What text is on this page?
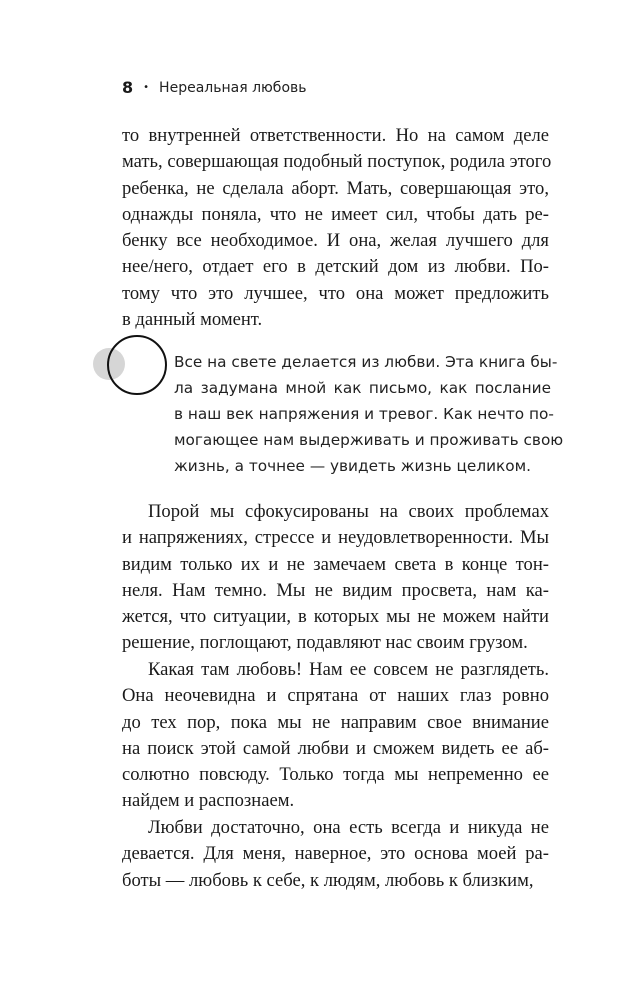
8 • Нереальная любовь

то внутренней ответственности. Но на самом деле
мать, совершающая подобный поступок, родила этого
ребенка, не сделала аборт. Мать, совершающая это,
однажды поняла, что не имеет сил, чтобы дать ре-
бенку все необходимое. И она, желая лучшего для
нее/него, отдает его в детский дом из любви. По-
тому что это лучшее, что она может предложить
в данный момент.

Все на свете делается из любви. Эта книга бы-
ла задумана мной как письмо, как послание
в наш век напряжения и тревог. Как нечто по-
могающее нам выдерживать и проживать свою
жизнь, а точнее — увидеть жизнь целиком.

Порой мы сфокусированы на своих проблемах
и напряжениях, стрессе и неудовлетворенности. Мы
видим только их и не замечаем света в конце тон-
неля. Нам темно. Мы не видим просвета, нам ка-
жется, что ситуации, в которых мы не можем найти
решение, поглощают, подавляют нас своим грузом.

Какая там любовь! Нам ее совсем не разглядеть.
Она неочевидна и спрятана от наших глаз ровно
до тех пор, пока мы не направим свое внимание
на поиск этой самой любви и сможем видеть ее аб-
солютно повсюду. Только тогда мы непременно ее
найдем и распознаем.

Любви достаточно, она есть всегда и никуда не
девается. Для меня, наверное, это основа моей ра-
боты — любовь к себе, к людям, любовь к близким,
